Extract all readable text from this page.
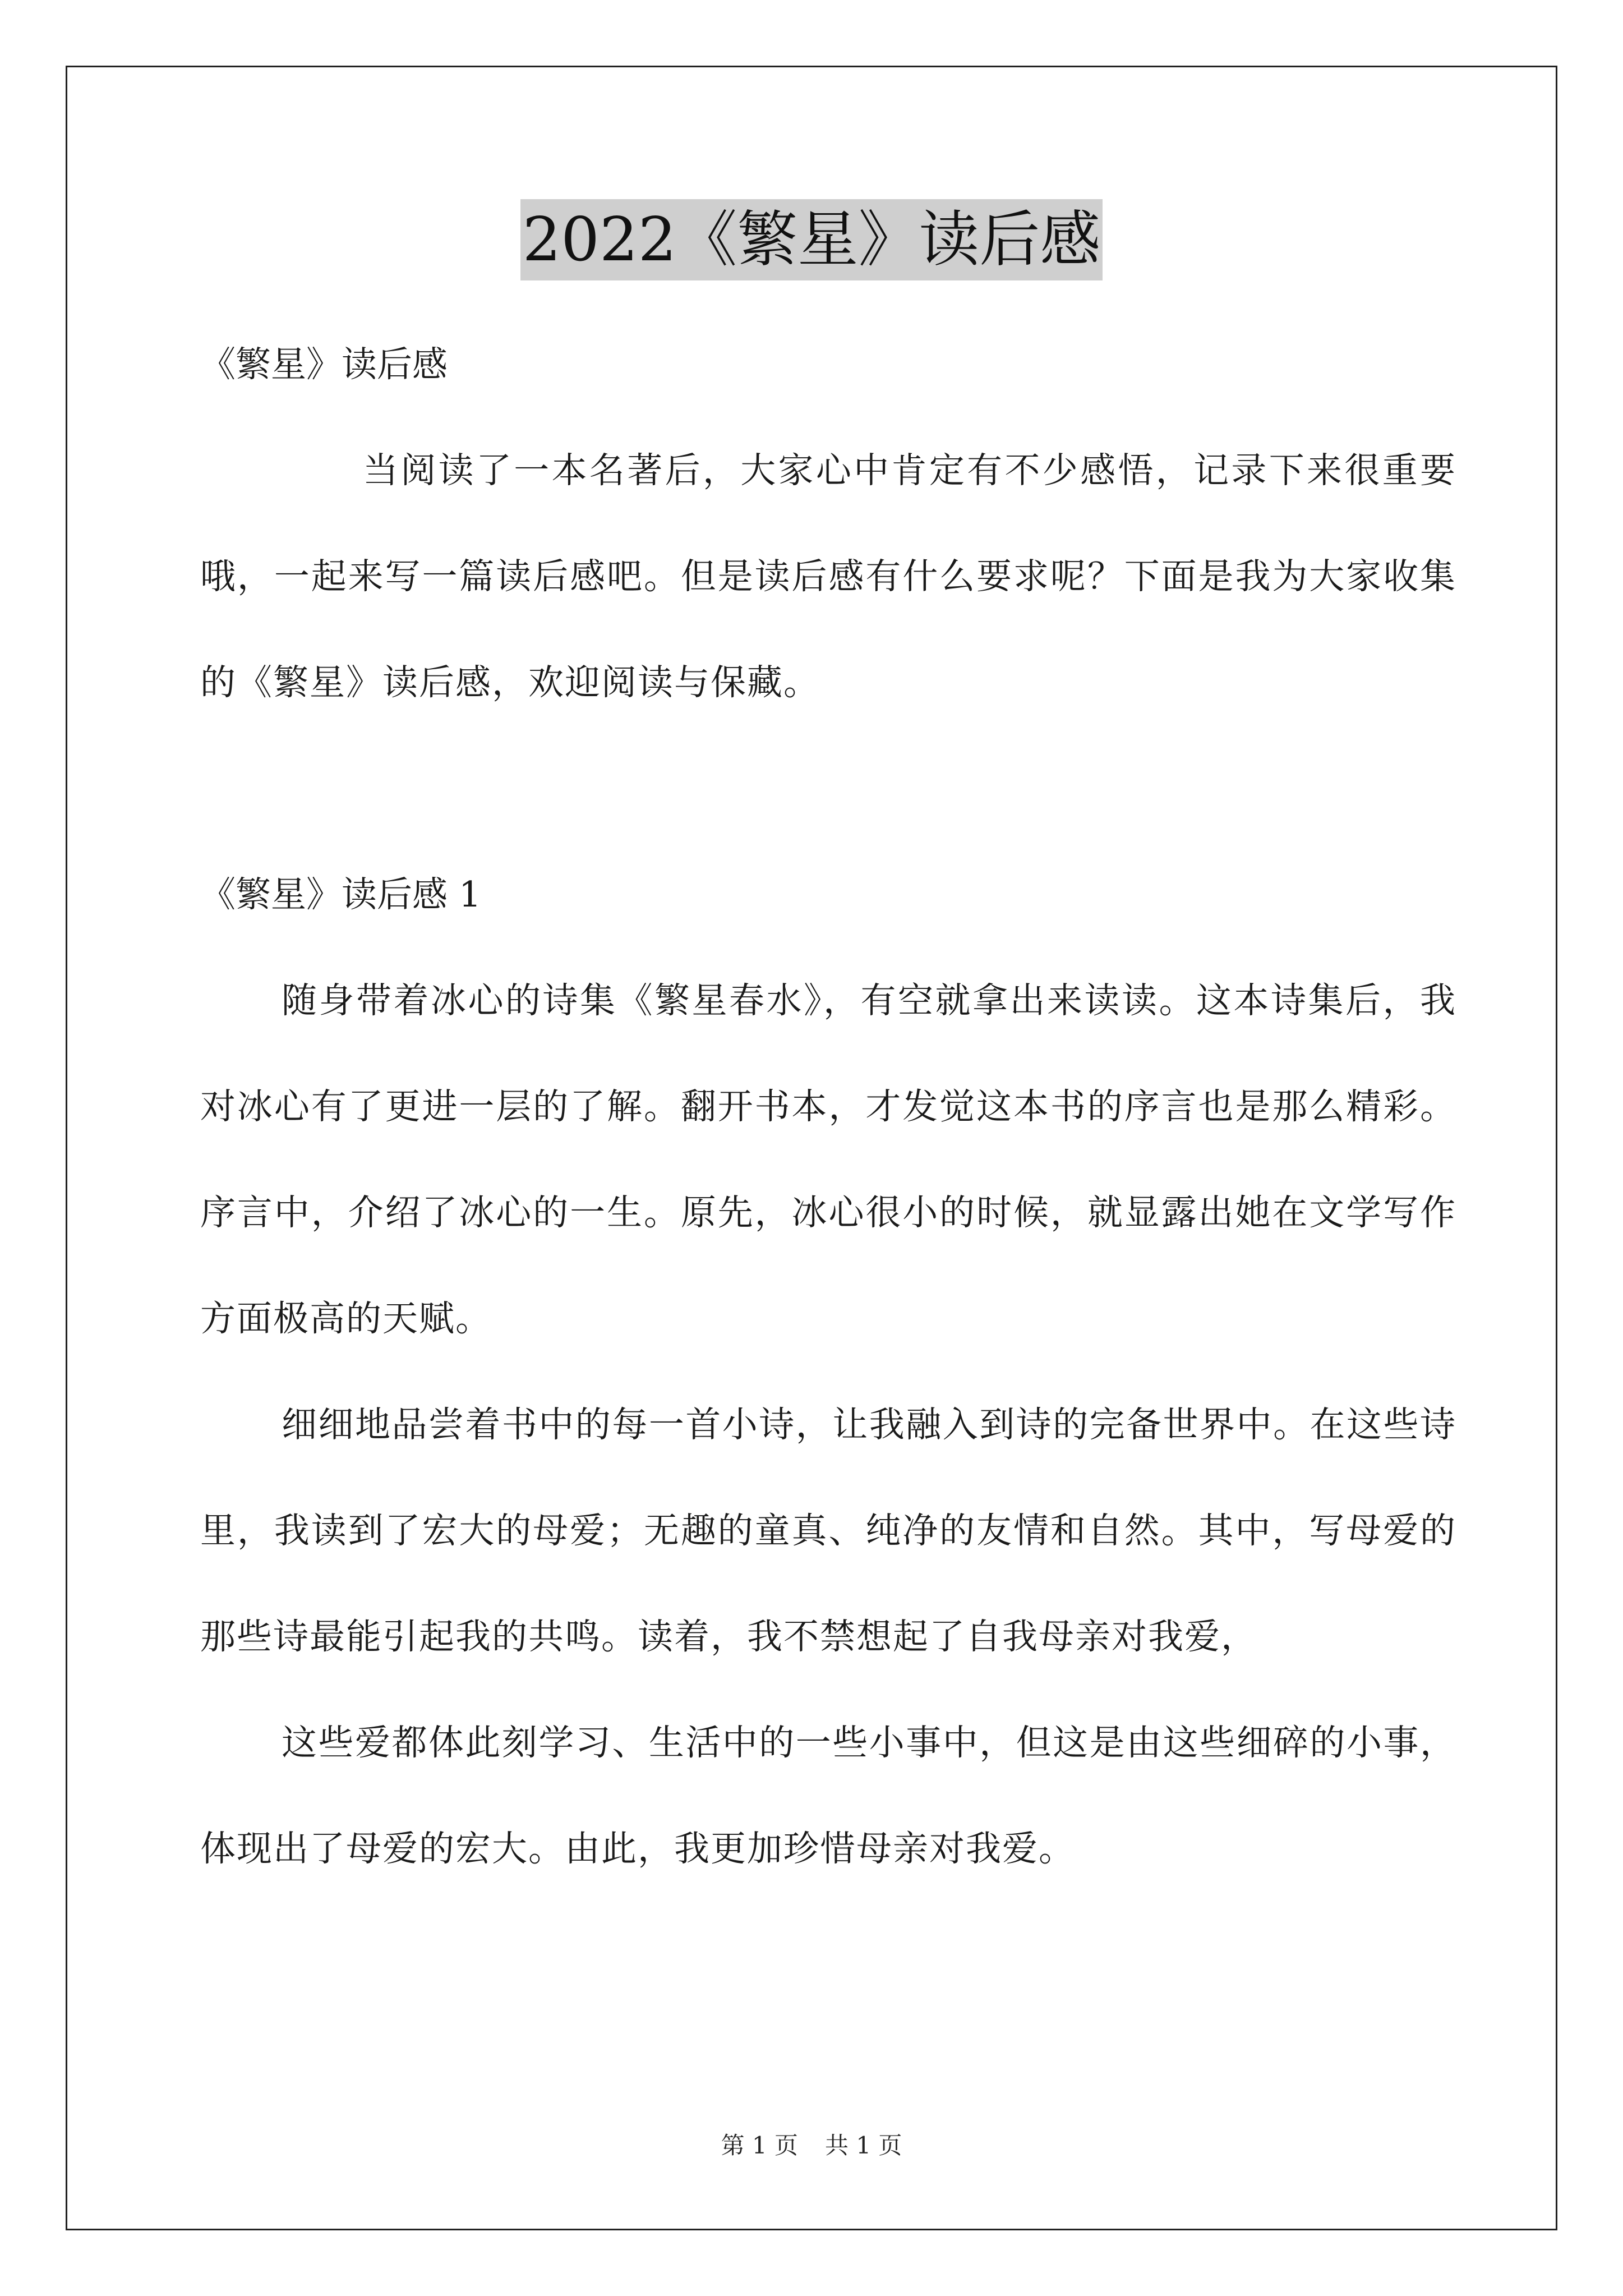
2022《繁星》读后感

《繁星》读后感

当阅读了一本名著后，大家心中肯定有不少感悟，记录下来很重要哦，一起来写一篇读后感吧。但是读后感有什么要求呢？下面是我为大家收集的《繁星》读后感，欢迎阅读与保藏。

《繁星》读后感 1

随身带着冰心的诗集《繁星春水》，有空就拿出来读读。这本诗集后，我对冰心有了更进一层的了解。翻开书本，才发觉这本书的序言也是那么精彩。序言中，介绍了冰心的一生。原先，冰心很小的时候，就显露出她在文学写作方面极高的天赋。

细细地品尝着书中的每一首小诗，让我融入到诗的完备世界中。在这些诗里，我读到了宏大的母爱；无趣的童真、纯净的友情和自然。其中，写母爱的那些诗最能引起我的共鸣。读着，我不禁想起了自我母亲对我爱，

这些爱都体此刻学习、生活中的一些小事中，但这是由这些细碎的小事，体现出了母爱的宏大。由此，我更加珍惜母亲对我爱。

第 1 页 共 1 页
